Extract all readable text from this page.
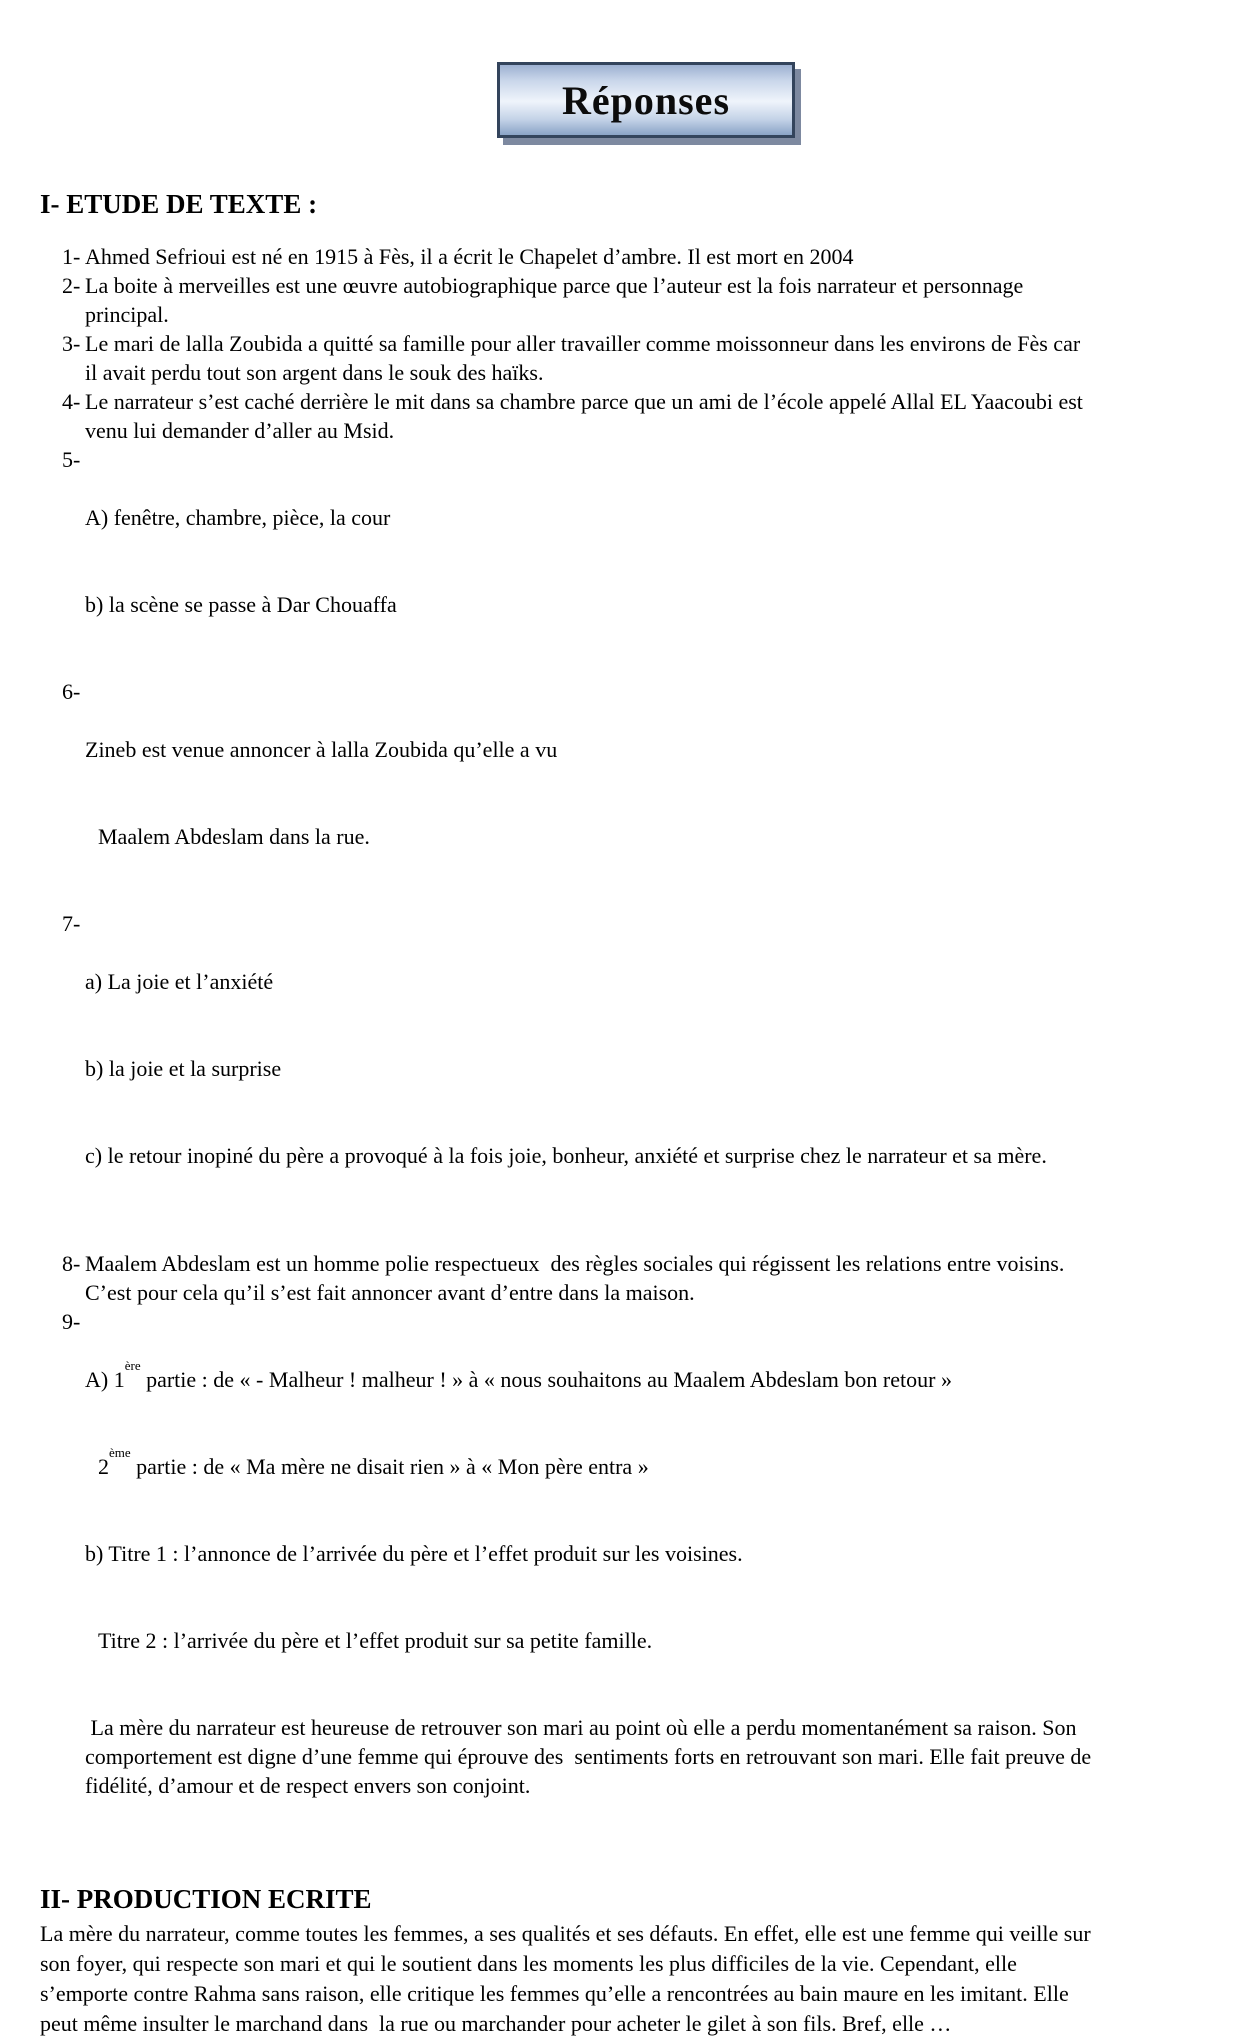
Réponses
I- ETUDE DE TEXTE :
1- Ahmed Sefrioui est né en 1915 à Fès, il a écrit le Chapelet d’ambre. Il est mort en 2004
2- La boite à merveilles est une œuvre autobiographique parce que l’auteur est la fois narrateur et personnage principal.
3- Le mari de lalla Zoubida a quitté sa famille pour aller travailler comme moissonneur dans les environs de Fès car il avait perdu tout son argent dans le souk des haïks.
4- Le narrateur s’est caché derrière le mit dans sa chambre parce que un ami de l’école appelé Allal EL Yaacoubi est venu lui demander d’aller au Msid.
5-

A) fenêtre, chambre, pièce, la cour

b) la scène se passe à Dar Chouaffa

6-

Zineb est venue annoncer à lalla Zoubida qu’elle a vu

Maalem Abdeslam dans la rue.

7-

a) La joie et l’anxiété

b) la joie et la surprise

c) le retour inopiné du père a provoqué à la fois joie, bonheur, anxiété et surprise chez le narrateur et sa mère.

8- Maalem Abdeslam est un homme polie respectueux  des règles sociales qui régissent les relations entre voisins. C’est pour cela qu’il s’est fait annoncer avant d’entre dans la maison.
9-

A) 1ère partie : de « - Malheur ! malheur ! » à « nous souhaitons au Maalem Abdeslam bon retour »

2ème partie : de « Ma mère ne disait rien » à « Mon père entra »

b) Titre 1 : l’annonce de l’arrivée du père et l’effet produit sur les voisines.

Titre 2 : l’arrivée du père et l’effet produit sur sa petite famille.

La mère du narrateur est heureuse de retrouver son mari au point où elle a perdu momentanément sa raison. Son comportement est digne d’une femme qui éprouve des  sentiments forts en retrouvant son mari. Elle fait preuve de fidélité, d’amour et de respect envers son conjoint.

II- PRODUCTION ECRITE

La mère du narrateur, comme toutes les femmes, a ses qualités et ses défauts. En effet, elle est une femme qui veille sur son foyer, qui respecte son mari et qui le soutient dans les moments les plus difficiles de la vie. Cependant, elle s’emporte contre Rahma sans raison, elle critique les femmes qu’elle a rencontrées au bain maure en les imitant. Elle peut même insulter le marchand dans  la rue ou marchander pour acheter le gilet à son fils. Bref, elle …
